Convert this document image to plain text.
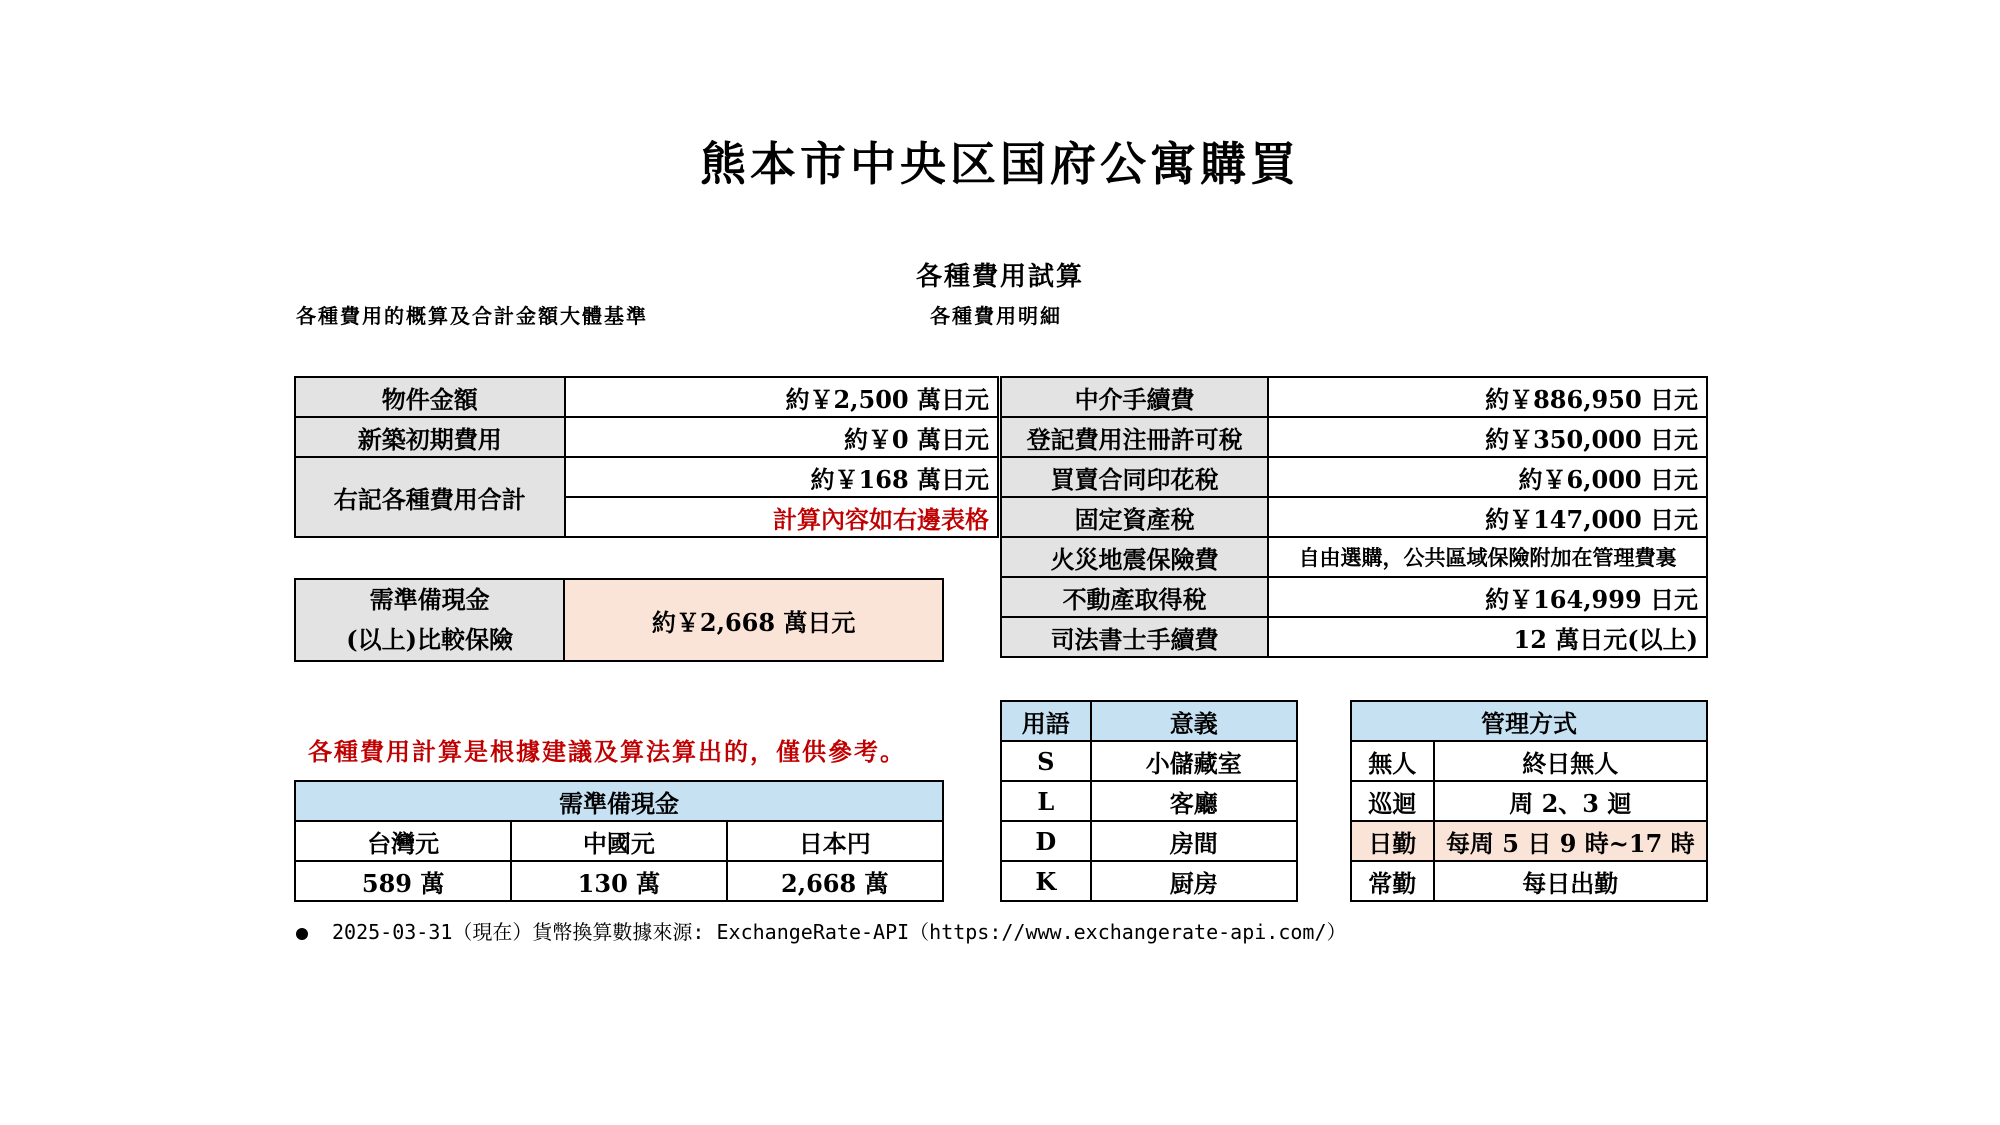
熊本市中央区国府公寓購買
各種費用試算
各種費用的概算及合計金額大體基準	各種費用明細
物件金額	約￥2,500 萬日元
新築初期費用	約￥0 萬日元
右記各種費用合計	約￥168 萬日元
	計算內容如右邊表格
需準備現金
(以上)比較保險
	約￥2,668 萬日元
中介手續費	約￥886,950 日元
登記費用注冊許可稅	約￥350,000 日元
買賣合同印花稅	約￥6,000 日元
固定資產稅	約￥147,000 日元
火災地震保險費	自由選購，公共區域保險附加在管理費裏
不動產取得稅	約￥164,999 日元
司法書士手續費	12 萬日元(以上)
各種費用計算是根據建議及算法算出的，僅供參考。
需準備現金		
台灣元	中國元	日本円
589 萬	130 萬	2,668 萬
用語	意義
S	小儲藏室
L	客廳
D	房間
K	厨房
管理方式	
無人	終日無人
巡迴	周 2、3 迴
日勤	每周 5 日 9 時~17 時
常勤	每日出勤
2025-03-31（現在）貨幣換算數據來源: ExchangeRate-API（https://www.exchangerate-api.com/）
